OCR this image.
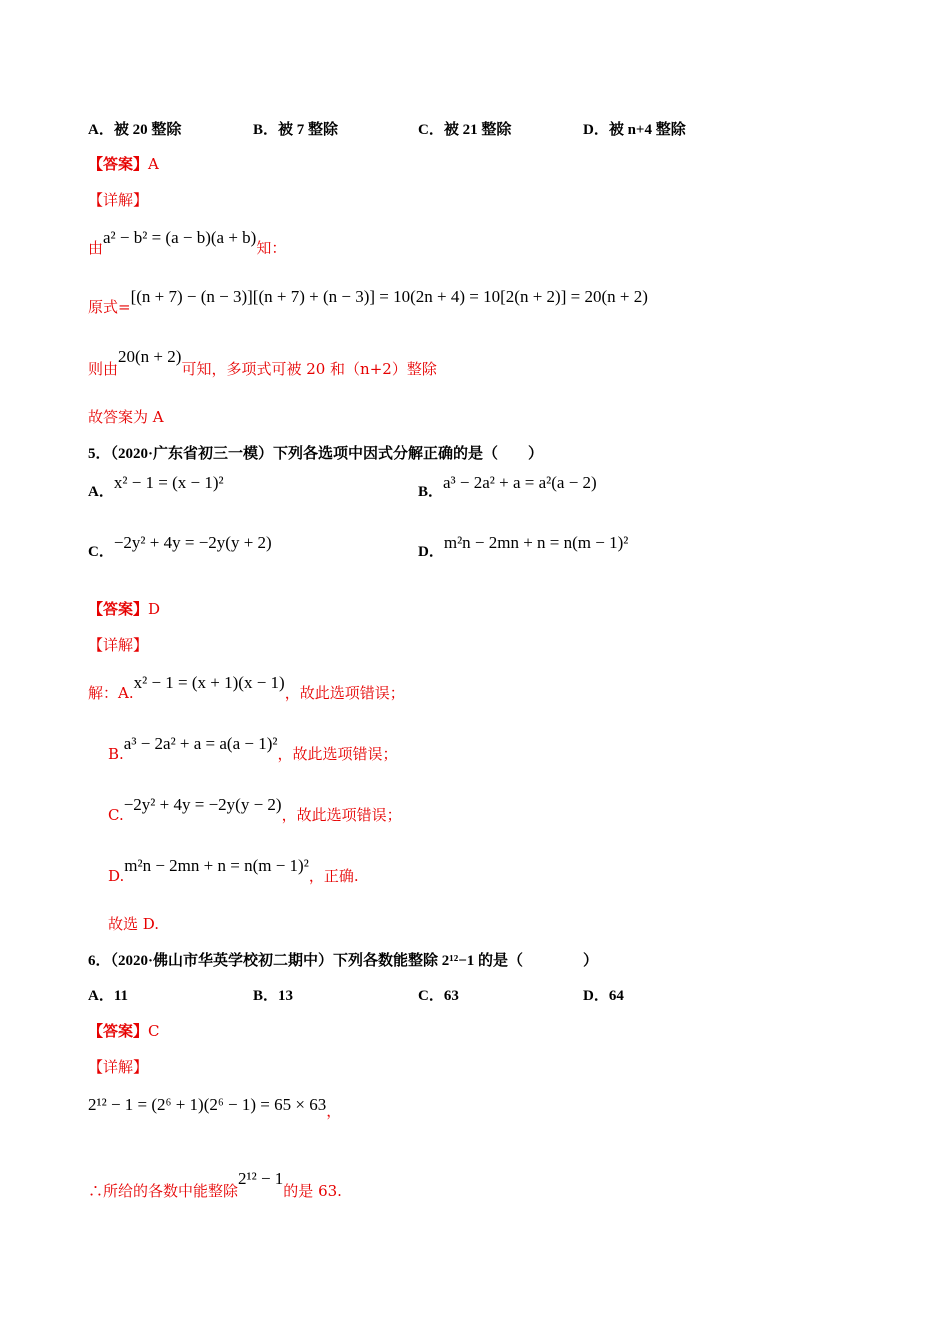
A．被 20 整除	B．被 7 整除	C．被 21 整除	D．被 n+4 整除
【答案】A
【详解】
由a² − b² = (a − b)(a + b)知：
原式=[(n + 7) − (n − 3)][(n + 7) + (n − 3)] = 10(2n + 4) = 10[2(n + 2)] = 20(n + 2)
则由20(n + 2)可知，多项式可被 20 和（n+2）整除
故答案为 A
5．（2020·广东省初三一模）下列各选项中因式分解正确的是（　　）
A．x² − 1 = (x − 1)²	B．a³ − 2a² + a = a²(a − 2)
C．−2y² + 4y = −2y(y + 2)	D．m²n − 2mn + n = n(m − 1)²
【答案】D
【详解】
解：A.x² − 1 = (x + 1)(x − 1)，故此选项错误；
B.a³ − 2a² + a = a(a − 1)²，故此选项错误；
C.−2y² + 4y = −2y(y − 2)，故此选项错误；
D.m²n − 2mn + n = n(m − 1)²，正确.
故选 D.
6．（2020·佛山市华英学校初二期中）下列各数能整除 2¹²−1 的是（　　　　）
A．11	B．13	C．63	D．64
【答案】C
【详解】
2¹² − 1 = (2⁶ + 1)(2⁶ − 1) = 65 × 63，
∴所给的各数中能整除2¹² − 1的是 63.
